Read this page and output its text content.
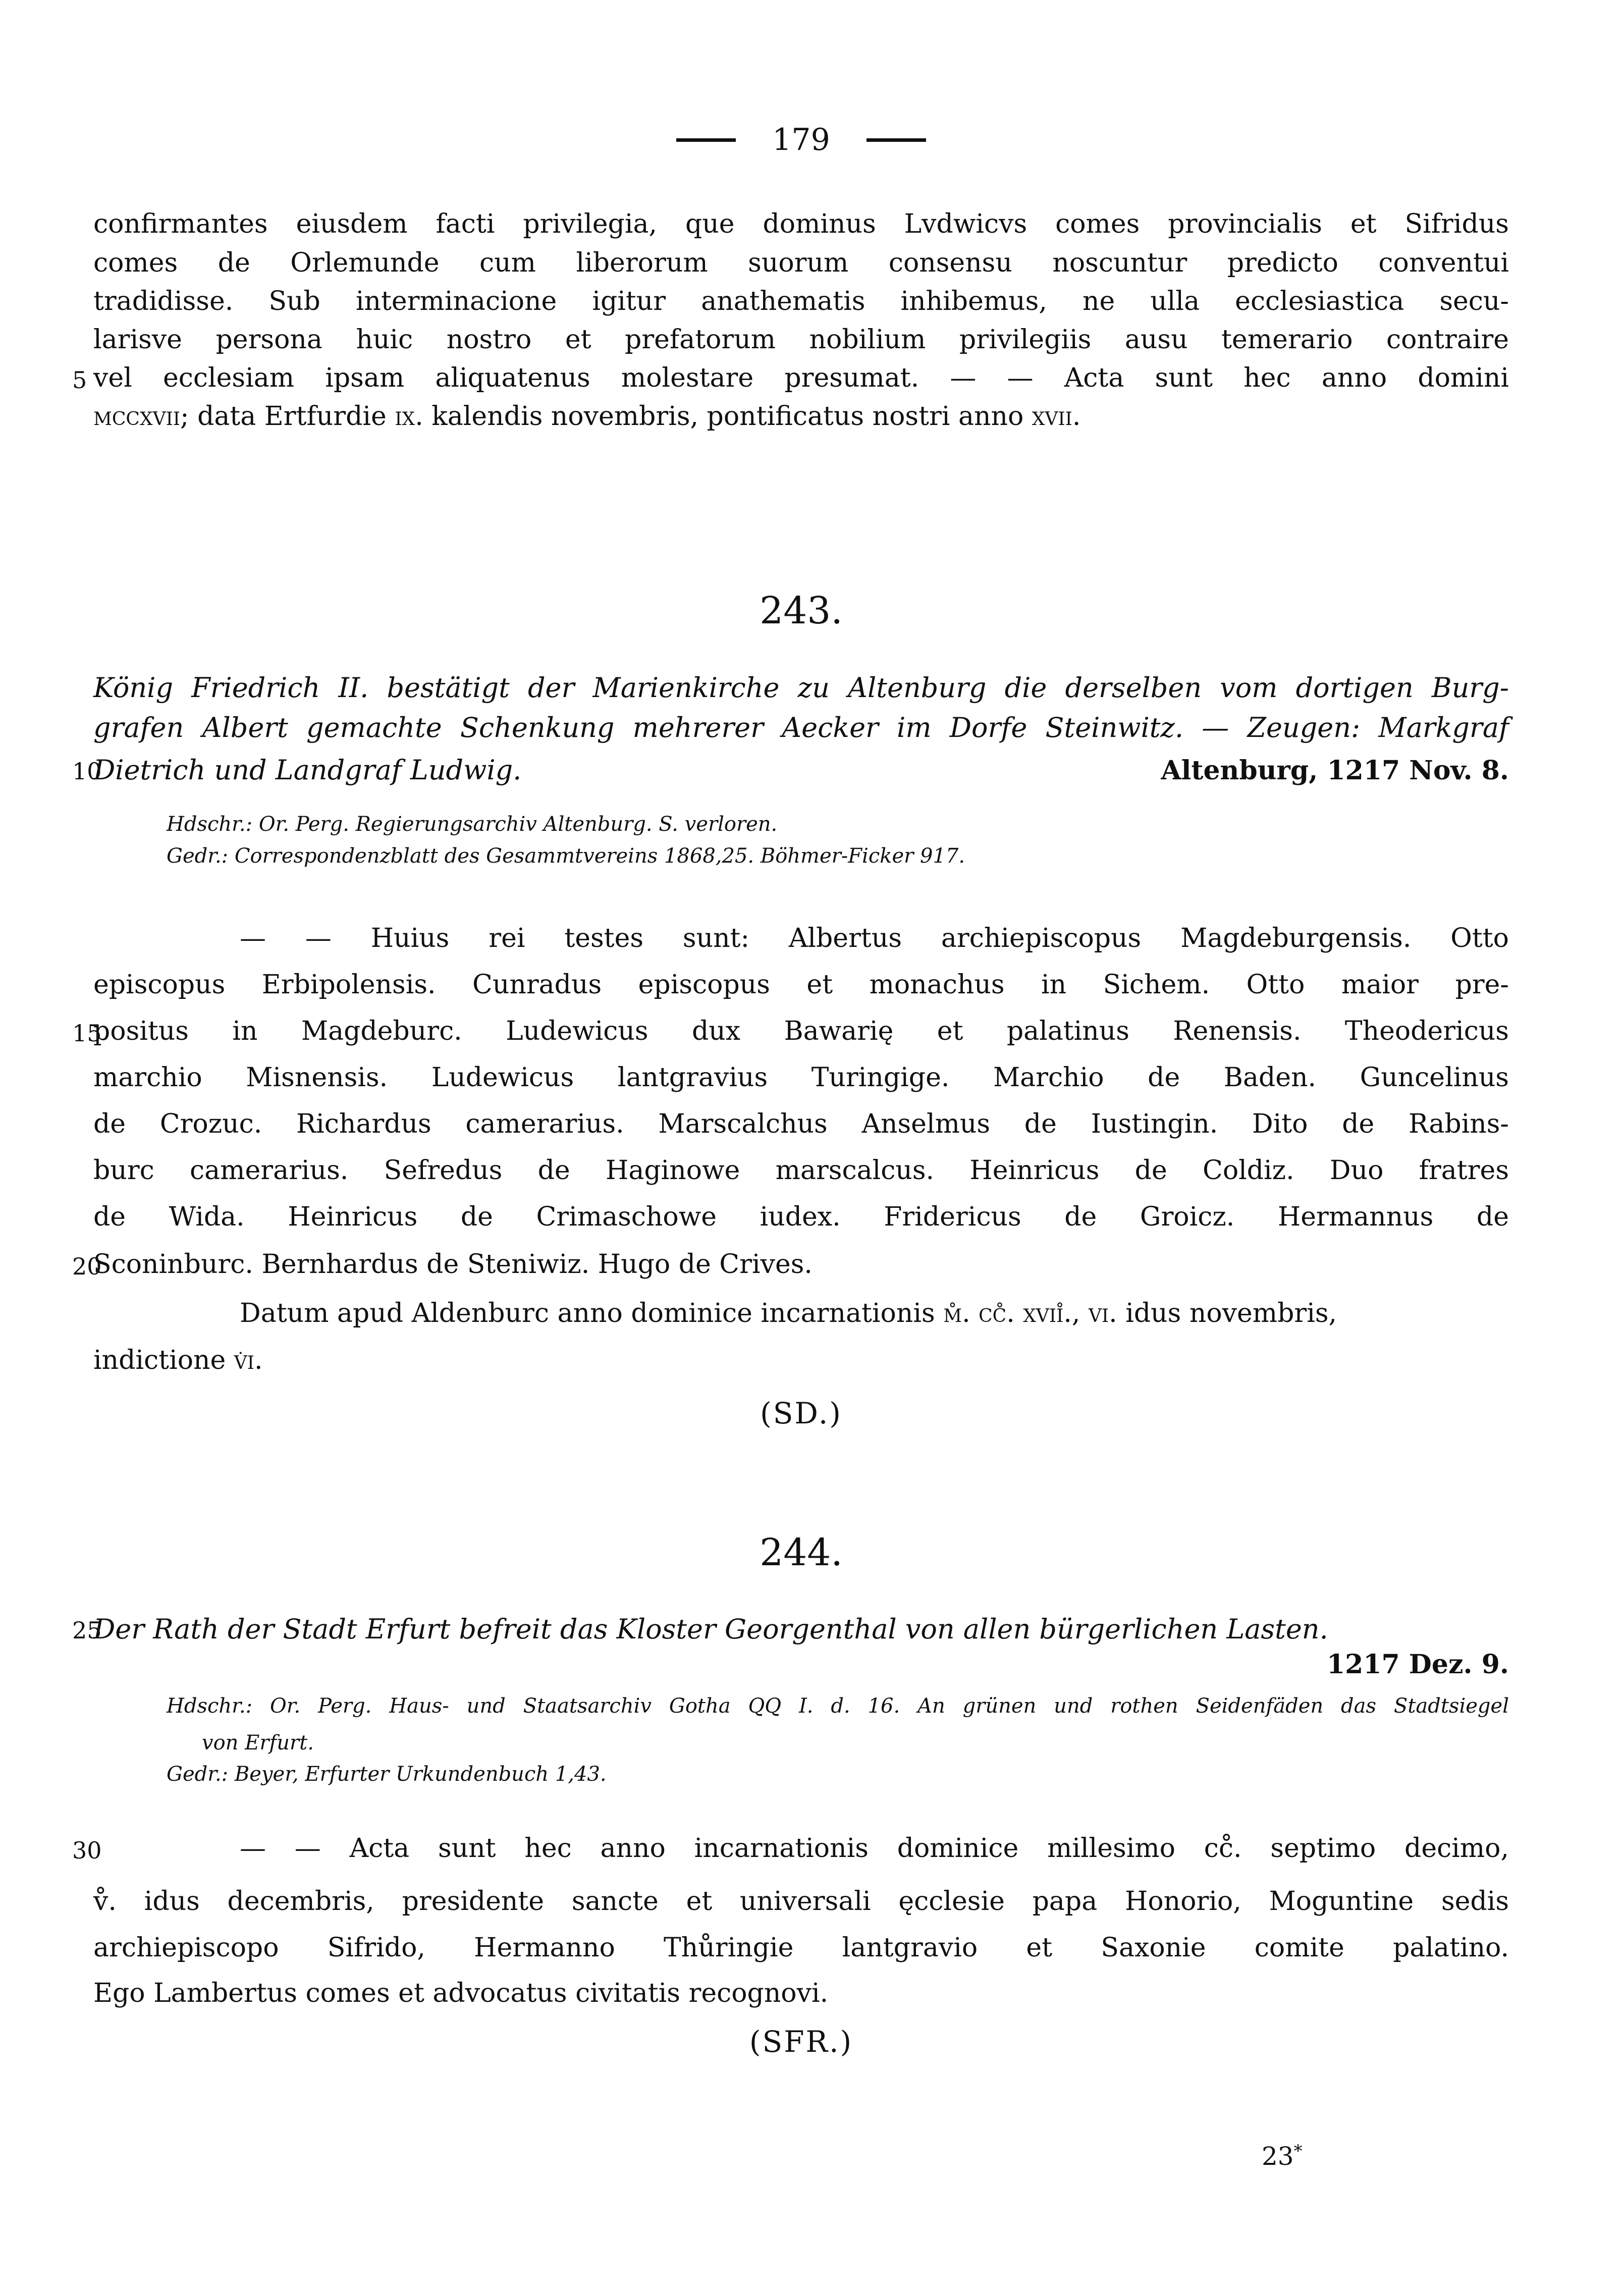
179
confirmantes eiusdem facti privilegia, que dominus Lvdwicvs comes provincialis et Sifridus
comes de Orlemunde cum liberorum suorum consensu noscuntur predicto conventui
tradidisse. Sub interminacione igitur anathematis inhibemus, ne ulla ecclesiastica secu-
larisve persona huic nostro et prefatorum nobilium privilegiis ausu temerario contraire
5 vel ecclesiam ipsam aliquatenus molestare presumat. — — Acta sunt hec anno domini
mccxvii; data Ertfurdie ix. kalendis novembris, pontificatus nostri anno xvii.
243.
König Friedrich II. bestätigt der Marienkirche zu Altenburg die derselben vom dortigen Burg-
grafen Albert gemachte Schenkung mehrerer Aecker im Dorfe Steinwitz. — Zeugen: Markgraf
10
Dietrich und Landgraf Ludwig.	Altenburg, 1217 Nov. 8.
Hdschr.: Or. Perg. Regierungsarchiv Altenburg. S. verloren.
Gedr.: Correspondenzblatt des Gesammtvereins 1868,25. Böhmer-Ficker 917.
— — Huius rei testes sunt: Albertus archiepiscopus Magdeburgensis. Otto
episcopus Erbipolensis. Cunradus episcopus et monachus in Sichem. Otto maior pre-
15
positus in Magdeburc. Ludewicus dux Bawarię et palatinus Renensis. Theodericus
marchio Misnensis. Ludewicus lantgravius Turingige. Marchio de Baden. Guncelinus
de Crozuc. Richardus camerarius. Marscalchus Anselmus de Iustingin. Dito de Rabins-
burc camerarius. Sefredus de Haginowe marscalcus. Heinricus de Coldiz. Duo fratres
de Wida. Heinricus de Crimaschowe iudex. Fridericus de Groicz. Hermannus de
20
Sconinburc. Bernhardus de Steniwiz. Hugo de Crives.
Datum apud Aldenburc anno dominice incarnationis m̊. cc̊. xvii̊., vi. idus novembris,
indictione v̇i.
(SD.)
244.
25
Der Rath der Stadt Erfurt befreit das Kloster Georgenthal von allen bürgerlichen Lasten.
1217 Dez. 9.
Hdschr.: Or. Perg. Haus- und Staatsarchiv Gotha QQ I. d. 16. An grünen und rothen Seidenfäden das Stadtsiegel
von Erfurt.
Gedr.: Beyer, Erfurter Urkundenbuch 1,43.
30	— — Acta sunt hec anno incarnationis dominice millesimo cc̊. septimo decimo,
v̊. idus decembris, presidente sancte et universali ęcclesie papa Honorio, Moguntine sedis
archiepiscopo Sifrido, Hermanno Thůringie lantgravio et Saxonie comite palatino.
Ego Lambertus comes et advocatus civitatis recognovi.
(SFR.)
23*
